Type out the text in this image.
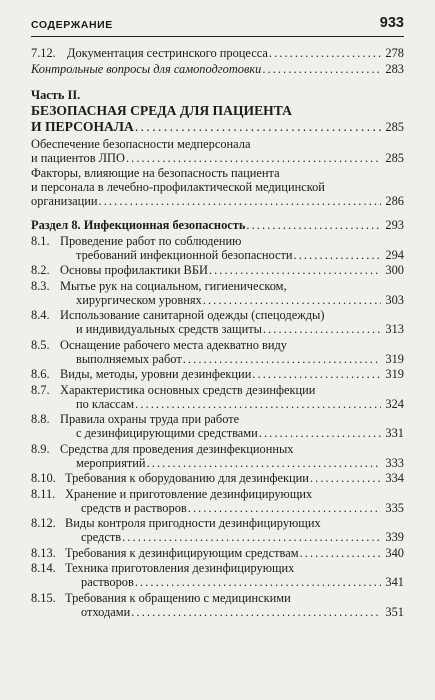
СОДЕРЖАНИЕ	933
7.12. Документация сестринского процесса . . .	278
Контрольные вопросы для самоподготовки . . .	283
Часть II.
БЕЗОПАСНАЯ СРЕДА ДЛЯ ПАЦИЕНТА
И ПЕРСОНАЛА . . .	285
Обеспечение безопасности медперсонала
и пациентов ЛПО . . .	285
Факторы, влияющие на безопасность пациента
и персонала в лечебно-профилактической медицинской
организации . . .	286
Раздел 8. Инфекционная безопасность . . .	293
8.1. Проведение работ по соблюдению
требований инфекционной безопасности . . .	294
8.2. Основы профилактики ВБИ . . .	300
8.3. Мытье рук на социальном, гигиеническом,
хирургическом уровнях . . .	303
8.4. Использование санитарной одежды (спецодежды)
и индивидуальных средств защиты . . .	313
8.5. Оснащение рабочего места адекватно виду
выполняемых работ . . .	319
8.6. Виды, методы, уровни дезинфекции . . .	319
8.7. Характеристика основных средств дезинфекции
по классам . . .	324
8.8. Правила охраны труда при работе
с дезинфицирующими средствами . . .	331
8.9. Средства для проведения дезинфекционных
мероприятий . . .	333
8.10. Требования к оборудованию для дезинфекции . . .	334
8.11. Хранение и приготовление дезинфицирующих
средств и растворов . . .	335
8.12. Виды контроля пригодности дезинфицирующих
средств . . .	339
8.13. Требования к дезинфицирующим средствам . . .	340
8.14. Техника приготовления дезинфицирующих
растворов . . .	341
8.15. Требования к обращению с медицинскими
отходами . . .	351
